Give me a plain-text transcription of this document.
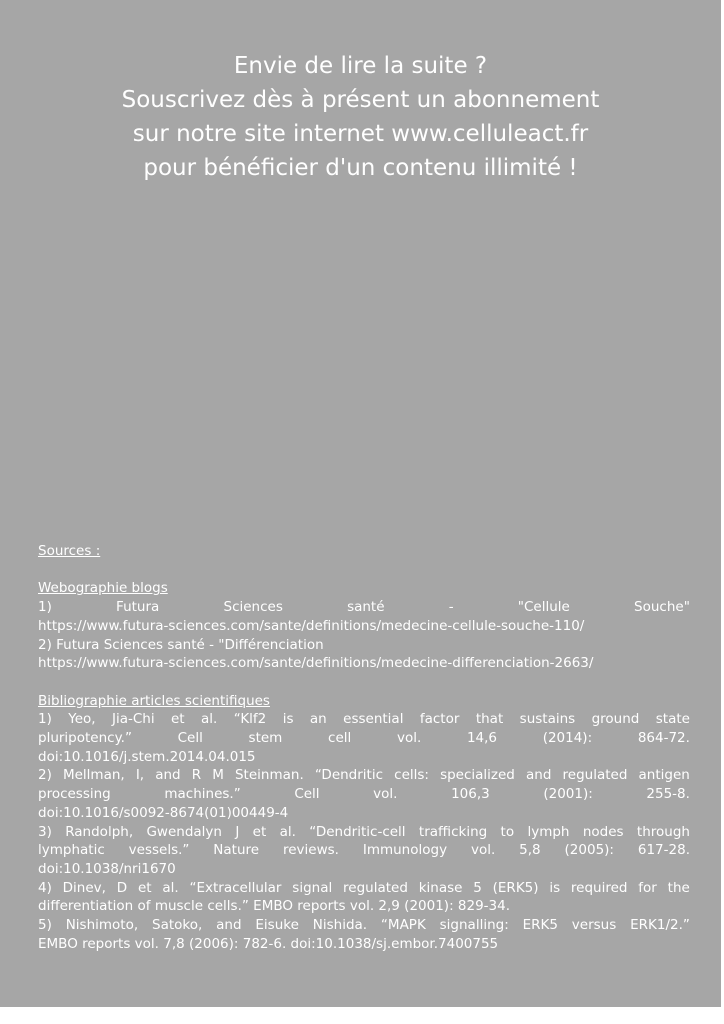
Envie de lire la suite ?
Souscrivez dès à présent un abonnement
sur notre site internet www.celluleact.fr
pour bénéficier d'un contenu illimité !
Sources :
Webographie blogs
1)	Futura	Sciences	santé	-	"Cellule	Souche"
https://www.futura-sciences.com/sante/definitions/medecine-cellule-souche-110/
2) Futura Sciences santé - "Différenciation
https://www.futura-sciences.com/sante/definitions/medecine-differenciation-2663/
Bibliographie articles scientifiques
1) Yeo, Jia-Chi et al. “Klf2 is an essential factor that sustains ground state
pluripotency.”	Cell	stem	cell	vol.	14,6	(2014):	864-72.
doi:10.1016/j.stem.2014.04.015
2) Mellman, I, and R M Steinman. “Dendritic cells: specialized and regulated antigen
processing	machines.”	Cell	vol.	106,3	(2001):	255-8.
doi:10.1016/s0092-8674(01)00449-4
3) Randolph, Gwendalyn J et al. “Dendritic-cell trafficking to lymph nodes through
lymphatic vessels.” Nature reviews. Immunology vol. 5,8 (2005): 617-28.
doi:10.1038/nri1670
4) Dinev, D et al. “Extracellular signal regulated kinase 5 (ERK5) is required for the
differentiation of muscle cells.” EMBO reports vol. 2,9 (2001): 829-34.
5) Nishimoto, Satoko, and Eisuke Nishida. “MAPK signalling: ERK5 versus ERK1/2.”
EMBO reports vol. 7,8 (2006): 782-6. doi:10.1038/sj.embor.7400755
